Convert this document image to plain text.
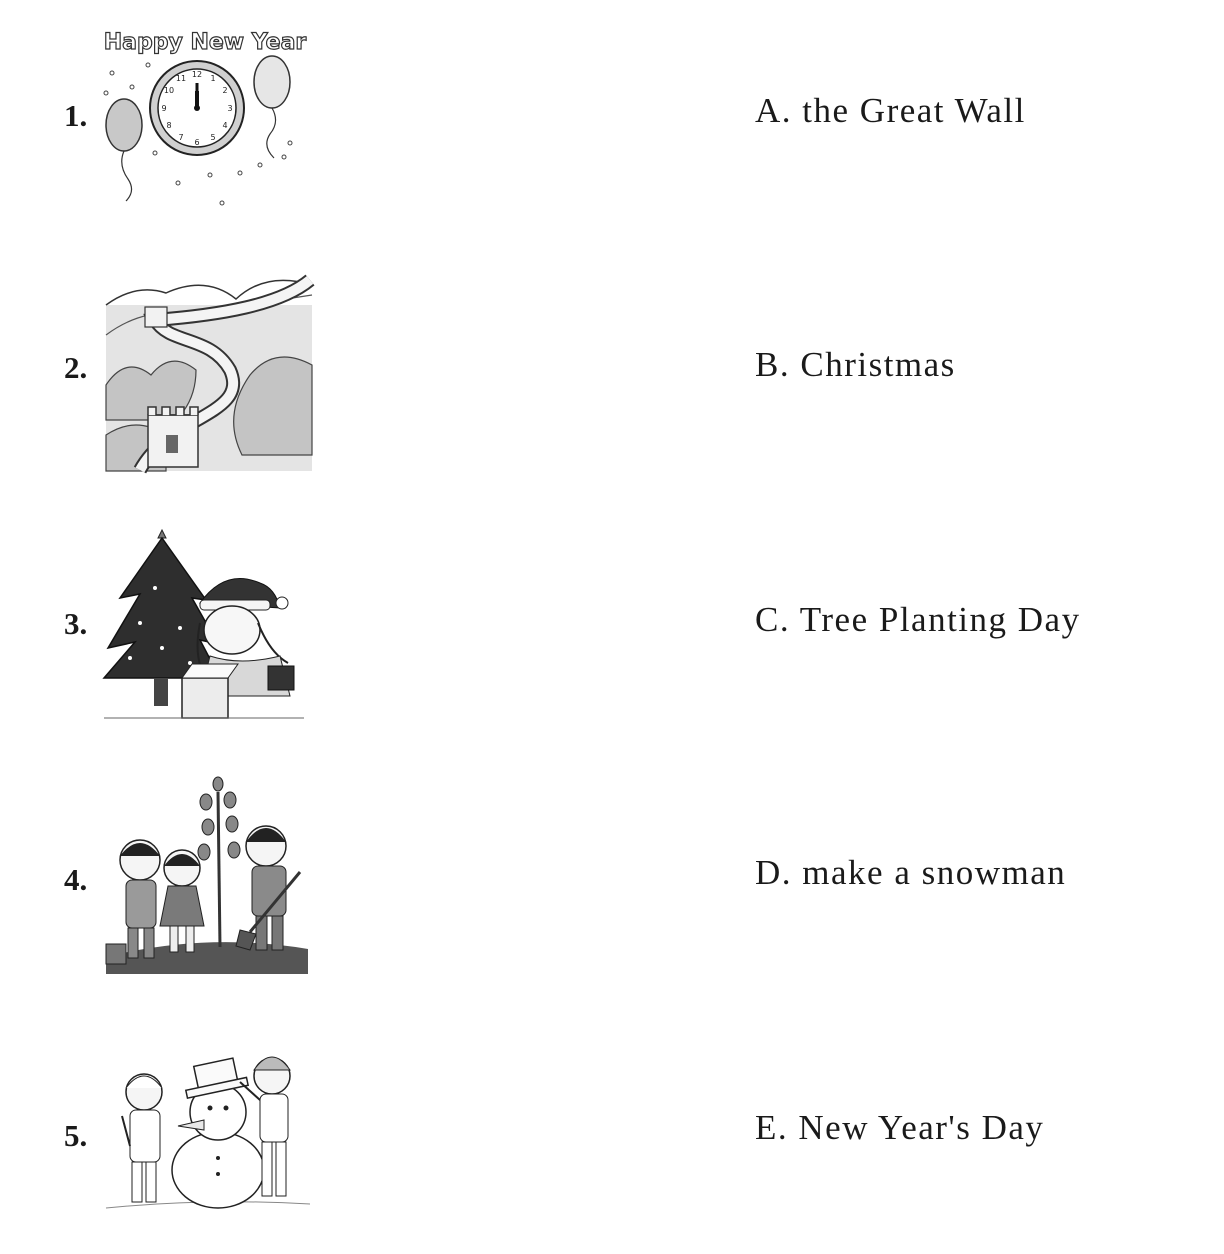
1.
2.
3.
4.
5.
Happy New Year
12 1
2
3
4
5
6
7
8
9
10
11
A. the Great Wall
B. Christmas
C. Tree Planting Day
D. make a snowman
E. New Year's Day
